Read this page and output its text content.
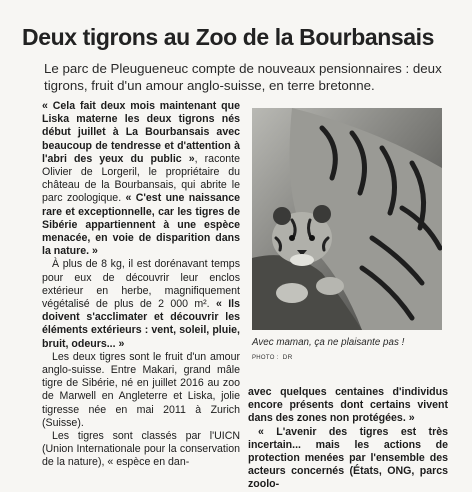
Deux tigrons au Zoo de la Bourbansais

Le parc de Pleugueneuc compte de nouveaux pensionnaires : deux tigrons, fruit d'un amour anglo-suisse, en terre bretonne.

« Cela fait deux mois maintenant que Liska materne les deux tigrons nés début juillet à La Bourbansais avec beaucoup de tendresse et d'attention à l'abri des yeux du public », raconte Olivier de Lorgeril, le propriétaire du château de la Bourbansais, qui abrite le parc zoologique. « C'est une naissance rare et exceptionnelle, car les tigres de Sibérie appartiennent à une espèce menacée, en voie de disparition dans la nature. »

À plus de 8 kg, il est dorénavant temps pour eux de découvrir leur enclos extérieur en herbe, magnifiquement végétalisé de plus de 2 000 m². « Ils doivent s'acclimater et découvrir les éléments extérieurs : vent, soleil, pluie, bruit, odeurs... »

Les deux tigres sont le fruit d'un amour anglo-suisse. Entre Makari, grand mâle tigre de Sibérie, né en juillet 2016 au zoo de Marwell en Angleterre et Liska, jolie tigresse née en mai 2011 à Zurich (Suisse).

Les tigres sont classés par l'UICN (Union Internationale pour la conservation de la nature), « espèce en dan-

Avec maman, ça ne plaisante pas !

PHOTO : DR

avec quelques centaines d'individus encore présents dont certains vivent dans des zones non protégées. »

« L'avenir des tigres est très incertain... mais les actions de protection menées par l'ensemble des acteurs concernés (États, ONG, parcs zoolo-
